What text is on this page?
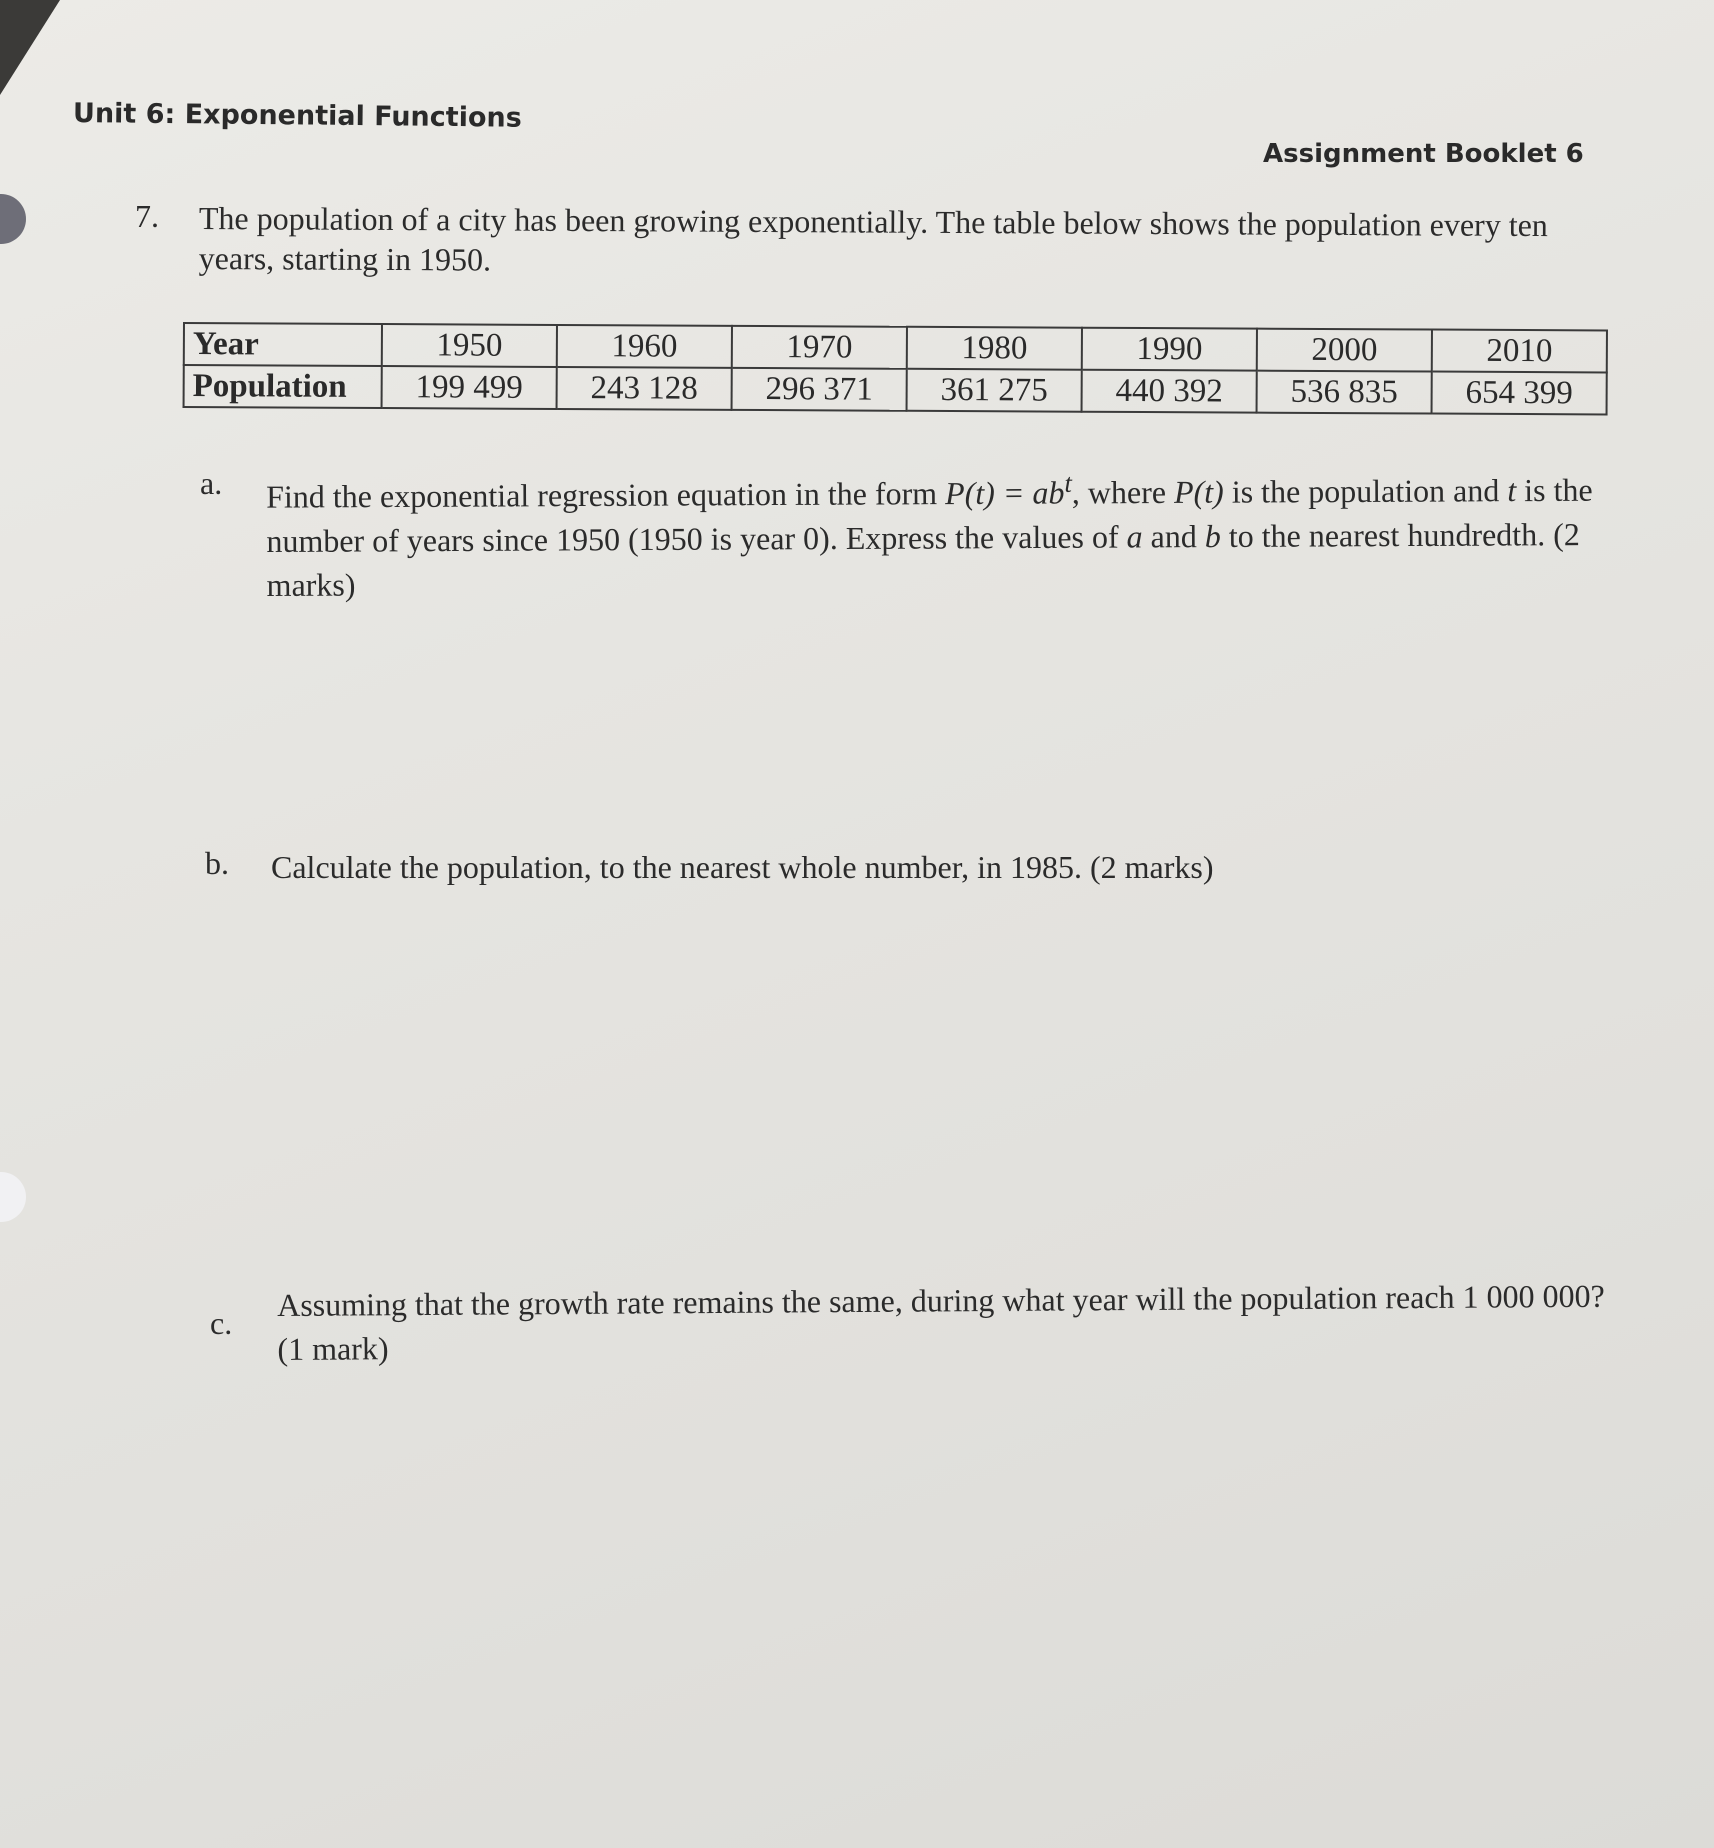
Unit 6: Exponential Functions
Assignment Booklet 6
7. The population of a city has been growing exponentially. The table below shows the population every ten years, starting in 1950.
Year	1950	1960	1970	1980	1990	2000	2010
Population	199 499	243 128	296 371	361 275	440 392	536 835	654 399
a. Find the exponential regression equation in the form $P(t) = ab^t$, where P(t) is the population and t is the number of years since 1950 (1950 is year 0). Express the values of a and b to the nearest hundredth. (2 marks)
b. Calculate the population, to the nearest whole number, in 1985. (2 marks)
c.
Assuming that the growth rate remains the same, during what year will the population reach 1 000 000? (1 mark)
